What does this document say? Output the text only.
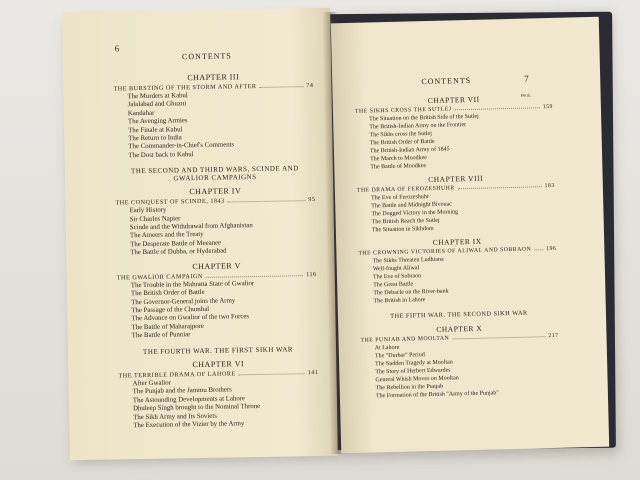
6
CONTENTS
CHAPTER III
THE BURSTING OF THE STORM AND AFTER	74
The Murders at Kabul
Jalalabad and Ghuzni
Kandahar
The Avenging Armies
The Finale at Kabul
The Return to India
The Commander-in-Chief's Comments
The Dost back to Kabul
THE SECOND AND THIRD WARS, SCINDE AND GWALIOR CAMPAIGNS
CHAPTER IV
THE CONQUEST OF SCINDE, 1843	95
Early History
Sir Charles Napier
Scinde and the Withdrawal from Afghanistan
The Ameers and the Treaty
The Desperate Battle of Meeanee
The Battle of Dubba, or Hyderabad
CHAPTER V
THE GWALIOR CAMPAIGN	116
The Trouble in the Mahratta State of Gwalior
The British Order of Battle
The Governor-General joins the Army
The Passage of the Chumbal
The Advance on Gwalior of the two Forces
The Battle of Maharajpore
The Battle of Punniar
THE FOURTH WAR. THE FIRST SIKH WAR
CHAPTER VI
THE TERRIBLE DRAMA OF LAHORE	141
After Gwalior
The Punjab and the Jammu Brothers
The Astounding Developments at Lahore
Dhuleep Singh brought to the Nominal Throne
The Sikh Army and Its Soviets
The Execution of the Vizier by the Army
CONTENTS	7
PAGE
CHAPTER VII
THE SIKHS CROSS THE SUTLEJ	159
The Situation on the British Side of the Sutlej
The British-Indian Army on the Frontier
The Sikhs cross the Sutlej
The British Order of Battle
The British-Indian Army of 1845
The March to Moodkee
The Battle of Moodkee
CHAPTER VIII
THE DRAMA OF FEROZESHUHR	183
The Eve of Ferozeshuhr
The Battle and Midnight Bivouac
The Dogged Victory in the Morning
The British Reach the Sutlej
The Situation in Sikhdom
CHAPTER IX
THE CROWNING VICTORIES OF ALIWAL AND SOBRAON	196
The Sikhs Threaten Ludhiana
Well-fought Aliwal
The Eve of Sobraon
The Great Battle
The Debacle on the River-bank
The British in Lahore
THE FIFTH WAR. THE SECOND SIKH WAR
CHAPTER X
THE PUNJAB AND MOOLTAN	217
At Lahore
The "Durbar" Period
The Sudden Tragedy at Mooltan
The Story of Herbert Edwardes
General Whish Moves on Mooltan
The Rebellion in the Punjab
The Formation of the British "Army of the Punjab"
